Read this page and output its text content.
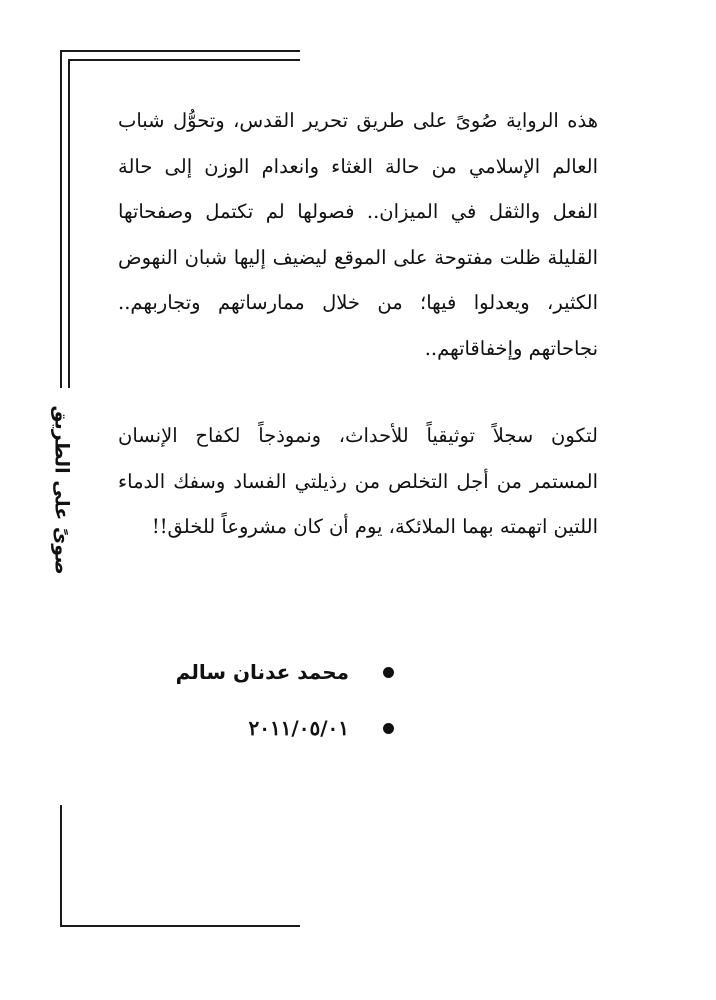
صوىً على الطريق

هذه الرواية صُوىً على طريق تحرير القدس، وتحوُّل شباب العالم الإسلامي من حالة الغثاء وانعدام الوزن إلى حالة الفعل والثقل في الميزان.. فصولها لم تكتمل وصفحاتها القليلة ظلت مفتوحة على الموقع ليضيف إليها شبان النهوض الكثير، ويعدلوا فيها؛ من خلال ممارساتهم وتجاربهم.. نجاحاتهم وإخفاقاتهم..

لتكون سجلاً توثيقياً للأحداث، ونموذجاً لكفاح الإنسان المستمر من أجل التخلص من رذيلتي الفساد وسفك الدماء اللتين اتهمته بهما الملائكة، يوم أن كان مشروعاً للخلق!!

محمد عدنان سالم
٢٠١١/٠٥/٠١
